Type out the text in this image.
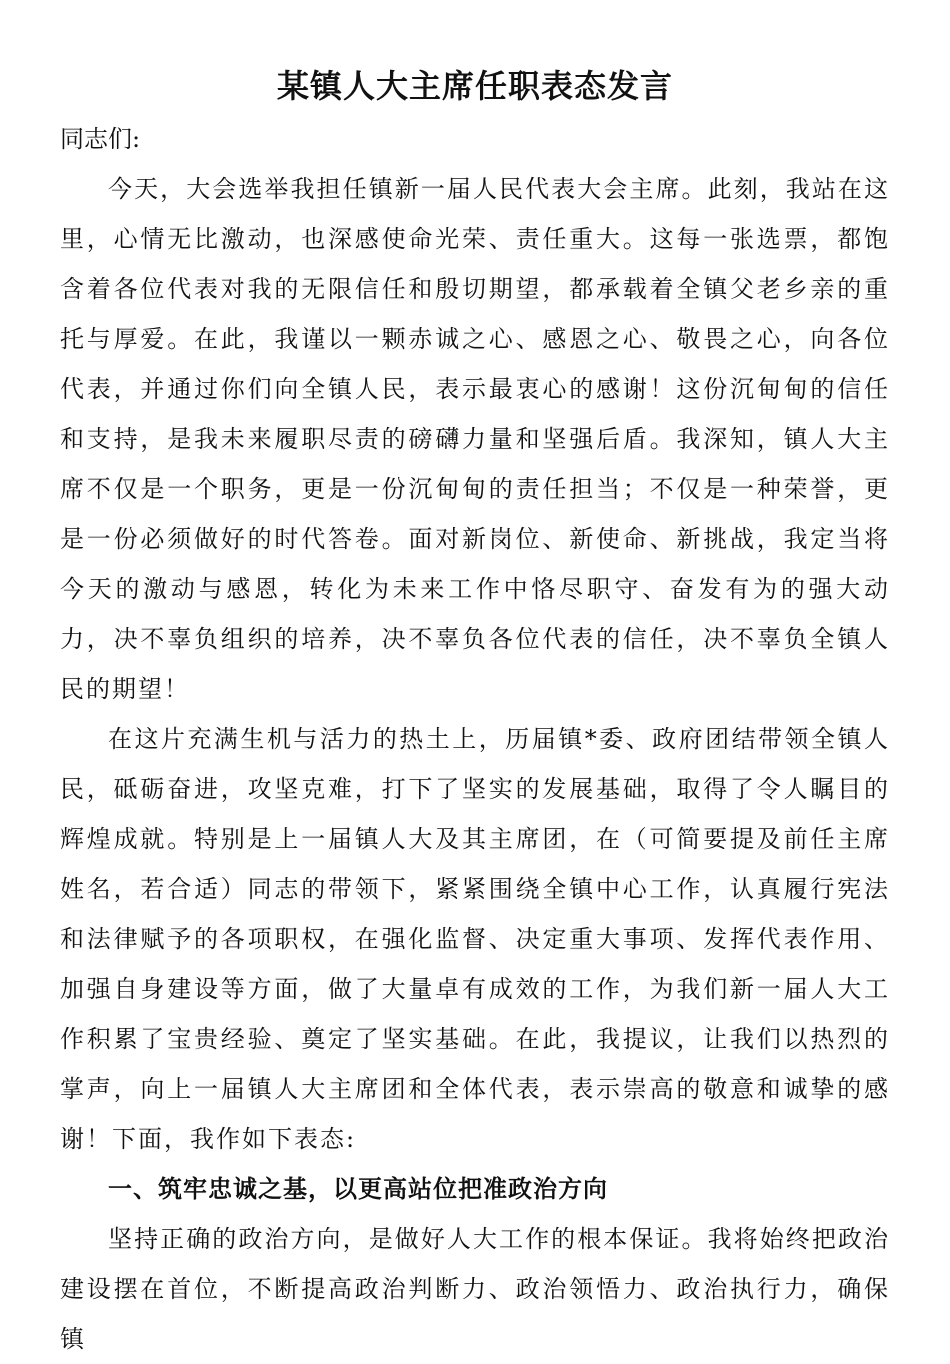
某镇人大主席任职表态发言

同志们:

今天，大会选举我担任镇新一届人民代表大会主席。此刻，我站在这里，心情无比激动，也深感使命光荣、责任重大。这每一张选票，都饱含着各位代表对我的无限信任和殷切期望，都承载着全镇父老乡亲的重托与厚爱。在此，我谨以一颗赤诚之心、感恩之心、敬畏之心，向各位代表，并通过你们向全镇人民，表示最衷心的感谢！这份沉甸甸的信任和支持，是我未来履职尽责的磅礴力量和坚强后盾。我深知，镇人大主席不仅是一个职务，更是一份沉甸甸的责任担当；不仅是一种荣誉，更是一份必须做好的时代答卷。面对新岗位、新使命、新挑战，我定当将今天的激动与感恩，转化为未来工作中恪尽职守、奋发有为的强大动力，决不辜负组织的培养，决不辜负各位代表的信任，决不辜负全镇人民的期望！

在这片充满生机与活力的热土上，历届镇*委、政府团结带领全镇人民，砥砺奋进，攻坚克难，打下了坚实的发展基础，取得了令人瞩目的辉煌成就。特别是上一届镇人大及其主席团，在（可简要提及前任主席姓名，若合适）同志的带领下，紧紧围绕全镇中心工作，认真履行宪法和法律赋予的各项职权，在强化监督、决定重大事项、发挥代表作用、加强自身建设等方面，做了大量卓有成效的工作，为我们新一届人大工作积累了宝贵经验、奠定了坚实基础。在此，我提议，让我们以热烈的掌声，向上一届镇人大主席团和全体代表，表示崇高的敬意和诚挚的感谢！下面，我作如下表态:

一、筑牢忠诚之基，以更高站位把准政治方向

坚持正确的政治方向，是做好人大工作的根本保证。我将始终把政治建设摆在首位，不断提高政治判断力、政治领悟力、政治执行力，确保镇
